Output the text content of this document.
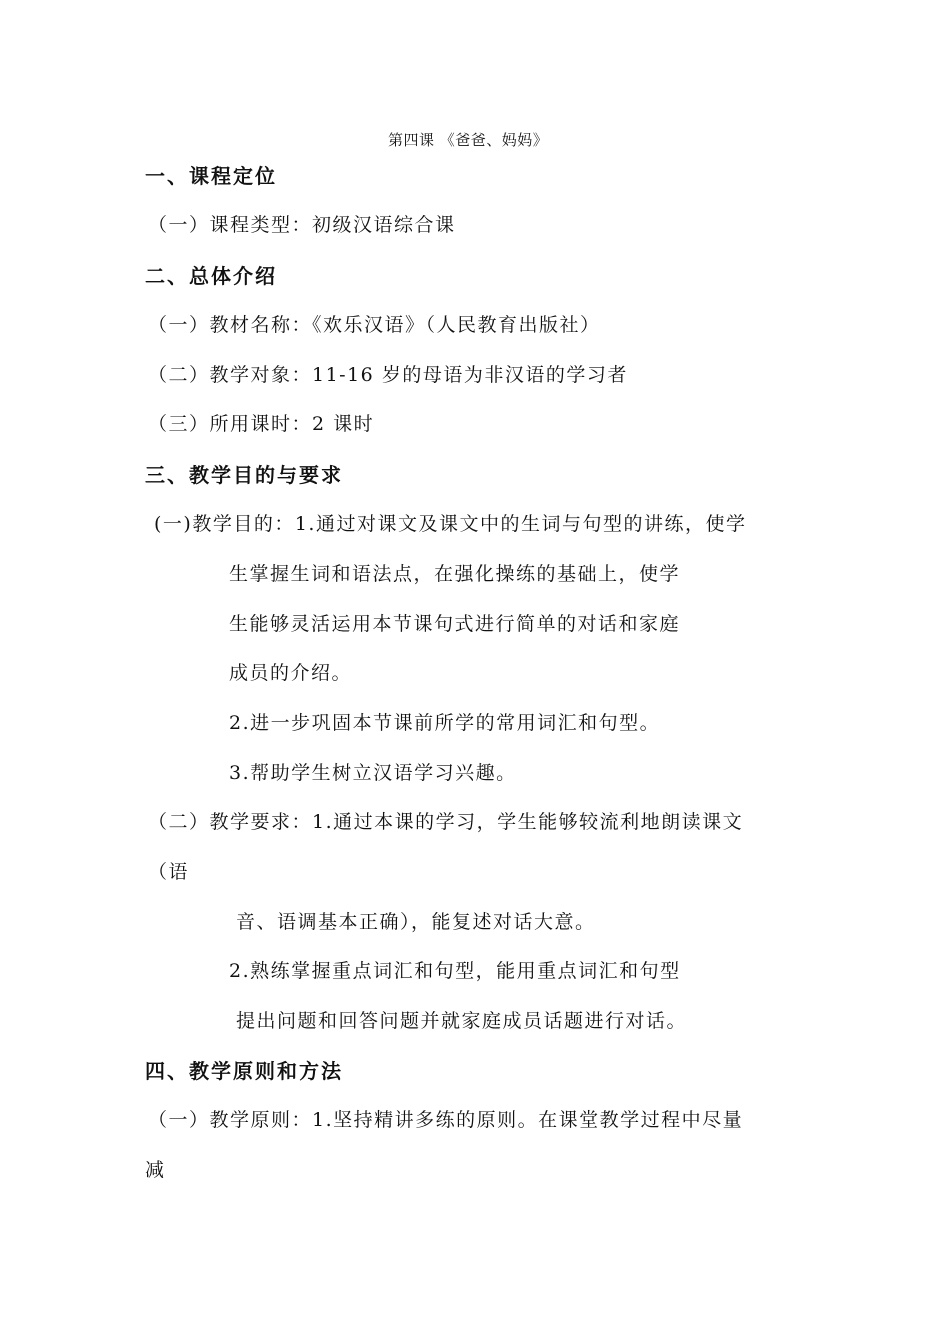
第四课 《爸爸、妈妈》
一、课程定位
（一）课程类型：初级汉语综合课
二、总体介绍
（一）教材名称：《欢乐汉语》（人民教育出版社）
（二）教学对象：11-16 岁的母语为非汉语的学习者
（三）所用课时：2 课时
三、教学目的与要求
(一)教学目的：1.通过对课文及课文中的生词与句型的讲练，使学
生掌握生词和语法点，在强化操练的基础上，使学
生能够灵活运用本节课句式进行简单的对话和家庭
成员的介绍。
2.进一步巩固本节课前所学的常用词汇和句型。
3.帮助学生树立汉语学习兴趣。
（二）教学要求：1.通过本课的学习，学生能够较流利地朗读课文
（语
音、语调基本正确），能复述对话大意。
2.熟练掌握重点词汇和句型，能用重点词汇和句型
提出问题和回答问题并就家庭成员话题进行对话。
四、教学原则和方法
（一）教学原则：1.坚持精讲多练的原则。在课堂教学过程中尽量
减
